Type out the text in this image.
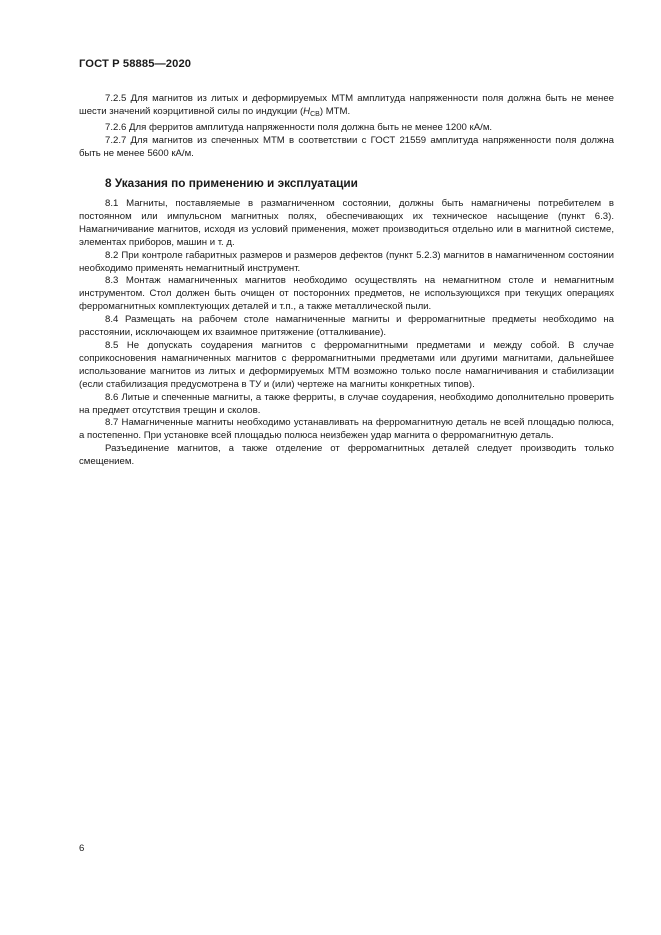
ГОСТ Р 58885—2020

7.2.5 Для магнитов из литых и деформируемых МТМ амплитуда напряженности поля должна быть не менее шести значений коэрцитивной силы по индукции $(H_{СВ})$ МТМ.

7.2.6 Для ферритов амплитуда напряженности поля должна быть не менее 1200 кА/м.

7.2.7 Для магнитов из спеченных МТМ в соответствии с ГОСТ 21559 амплитуда напряженности поля должна быть не менее 5600 кА/м.

8 Указания по применению и эксплуатации

8.1 Магниты, поставляемые в размагниченном состоянии, должны быть намагничены потребителем в постоянном или импульсном магнитных полях, обеспечивающих их техническое насыщение (пункт 6.3). Намагничивание магнитов, исходя из условий применения, может производиться отдельно или в магнитной системе, элементах приборов, машин и т. д.

8.2 При контроле габаритных размеров и размеров дефектов (пункт 5.2.3) магнитов в намагниченном состоянии необходимо применять немагнитный инструмент.

8.3 Монтаж намагниченных магнитов необходимо осуществлять на немагнитном столе и немагнитным инструментом. Стол должен быть очищен от посторонних предметов, не использующихся при текущих операциях ферромагнитных комплектующих деталей и т.п., а также металлической пыли.

8.4 Размещать на рабочем столе намагниченные магниты и ферромагнитные предметы необходимо на расстоянии, исключающем их взаимное притяжение (отталкивание).

8.5 Не допускать соударения магнитов с ферромагнитными предметами и между собой. В случае соприкосновения намагниченных магнитов с ферромагнитными предметами или другими магнитами, дальнейшее использование магнитов из литых и деформируемых МТМ возможно только после намагничивания и стабилизации (если стабилизация предусмотрена в ТУ и (или) чертеже на магниты конкретных типов).

8.6 Литые и спеченные магниты, а также ферриты, в случае соударения, необходимо дополнительно проверить на предмет отсутствия трещин и сколов.

8.7 Намагниченные магниты необходимо устанавливать на ферромагнитную деталь не всей площадью полюса, а постепенно. При установке всей площадью полюса неизбежен удар магнита о ферромагнитную деталь.

Разъединение магнитов, а также отделение от ферромагнитных деталей следует производить только смещением.

6
